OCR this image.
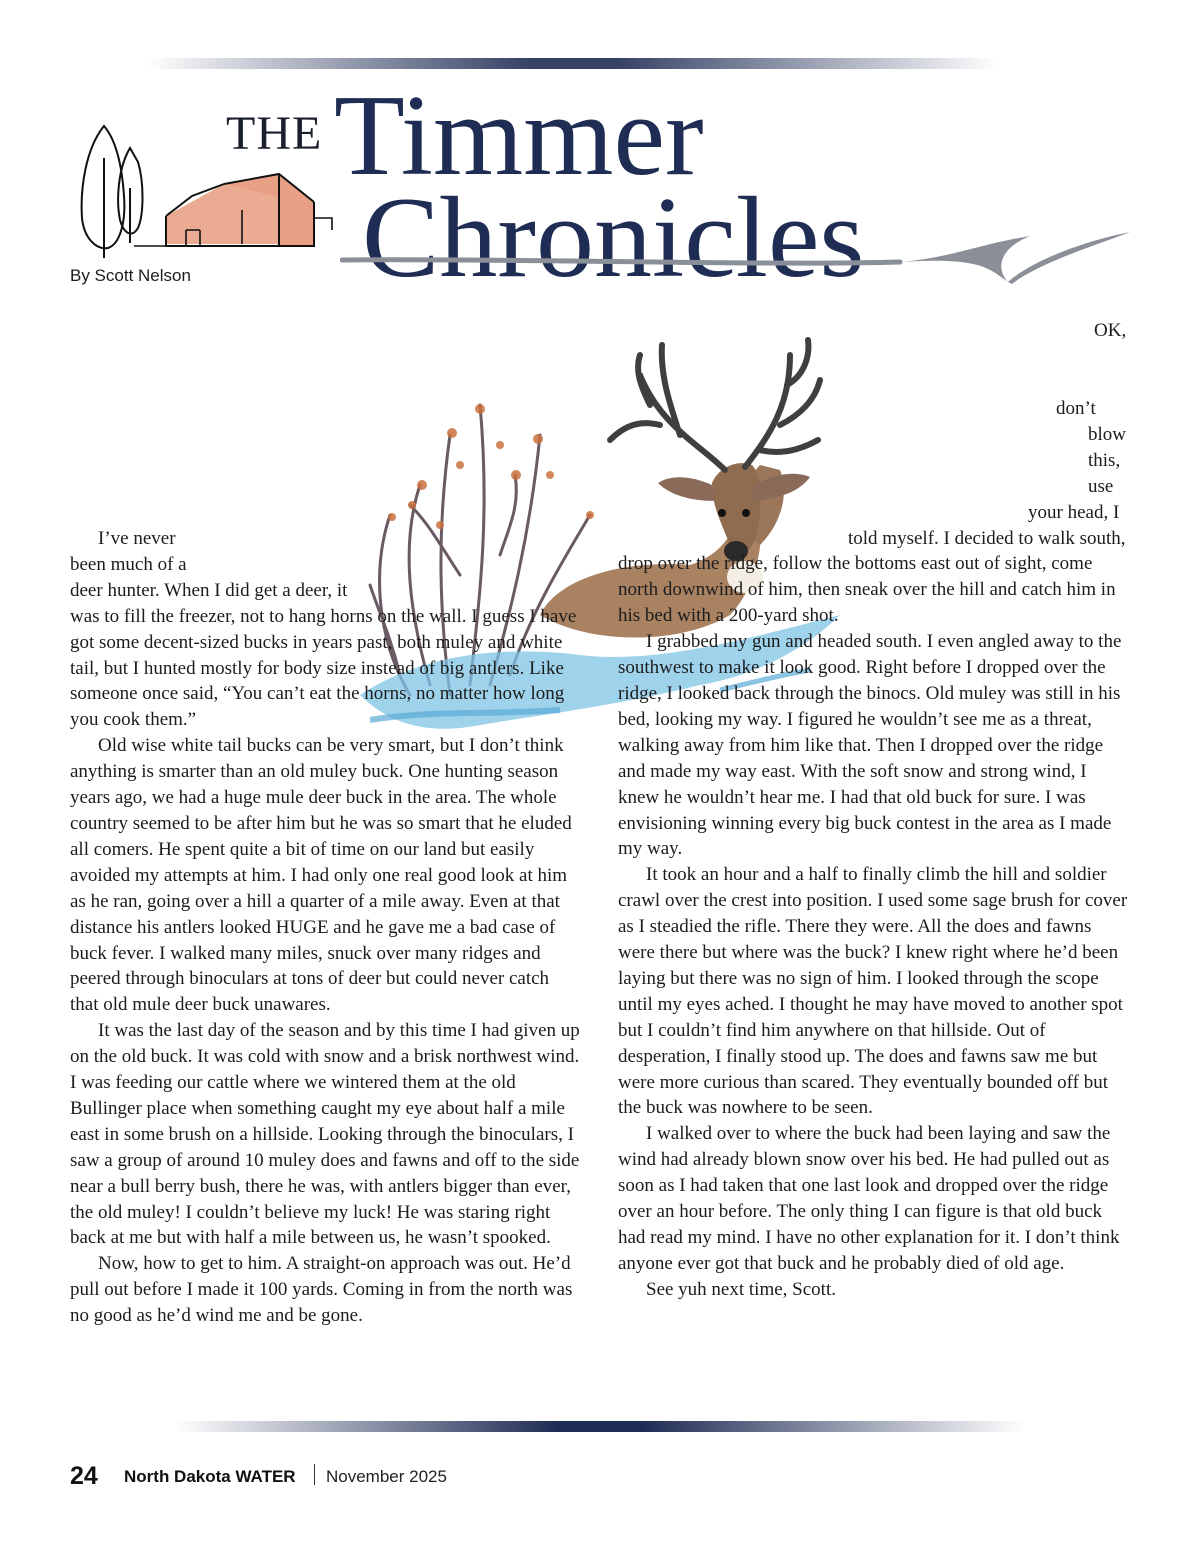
THE Timmer
Chronicles
By Scott Nelson

I’ve never been much of a deer hunter. When I did get a deer, it was to fill the freezer, not to hang horns on the wall. I guess I have got some decent-sized bucks in years past, both muley and white tail, but I hunted mostly for body size instead of big antlers. Like someone once said, “You can’t eat the horns, no matter how long you cook them.”

Old wise white tail bucks can be very smart, but I don’t think anything is smarter than an old muley buck. One hunting season years ago, we had a huge mule deer buck in the area. The whole country seemed to be after him but he was so smart that he eluded all comers. He spent quite a bit of time on our land but easily avoided my attempts at him. I had only one real good look at him as he ran, going over a hill a quarter of a mile away. Even at that distance his antlers looked HUGE and he gave me a bad case of buck fever. I walked many miles, snuck over many ridges and peered through binoculars at tons of deer but could never catch that old mule deer buck unawares.

It was the last day of the season and by this time I had given up on the old buck. It was cold with snow and a brisk northwest wind. I was feeding our cattle where we wintered them at the old Bullinger place when something caught my eye about half a mile east in some brush on a hillside. Looking through the binoculars, I saw a group of around 10 muley does and fawns and off to the side near a bull berry bush, there he was, with antlers bigger than ever, the old muley! I couldn’t believe my luck! He was staring right back at me but with half a mile between us, he wasn’t spooked.

Now, how to get to him. A straight-on approach was out. He’d pull out before I made it 100 yards. Coming in from the north was no good as he’d wind me and be gone.

OK, don’t blow this, use your head, I told myself. I decided to walk south, drop over the ridge, follow the bottoms east out of sight, come north downwind of him, then sneak over the hill and catch him in his bed with a 200-yard shot.

I grabbed my gun and headed south. I even angled away to the southwest to make it look good. Right before I dropped over the ridge, I looked back through the binocs. Old muley was still in his bed, looking my way. I figured he wouldn’t see me as a threat, walking away from him like that. Then I dropped over the ridge and made my way east. With the soft snow and strong wind, I knew he wouldn’t hear me. I had that old buck for sure. I was envisioning winning every big buck contest in the area as I made my way.

It took an hour and a half to finally climb the hill and soldier crawl over the crest into position. I used some sage brush for cover as I steadied the rifle. There they were. All the does and fawns were there but where was the buck? I knew right where he’d been laying but there was no sign of him. I looked through the scope until my eyes ached. I thought he may have moved to another spot but I couldn’t find him anywhere on that hillside. Out of desperation, I finally stood up. The does and fawns saw me but were more curious than scared. They eventually bounded off but the buck was nowhere to be seen.

I walked over to where the buck had been laying and saw the wind had already blown snow over his bed. He had pulled out as soon as I had taken that one last look and dropped over the ridge over an hour before. The only thing I can figure is that old buck had read my mind. I have no other explanation for it. I don’t think anyone ever got that buck and he probably died of old age.

See yuh next time, Scott.

24 North Dakota WATER November 2025
